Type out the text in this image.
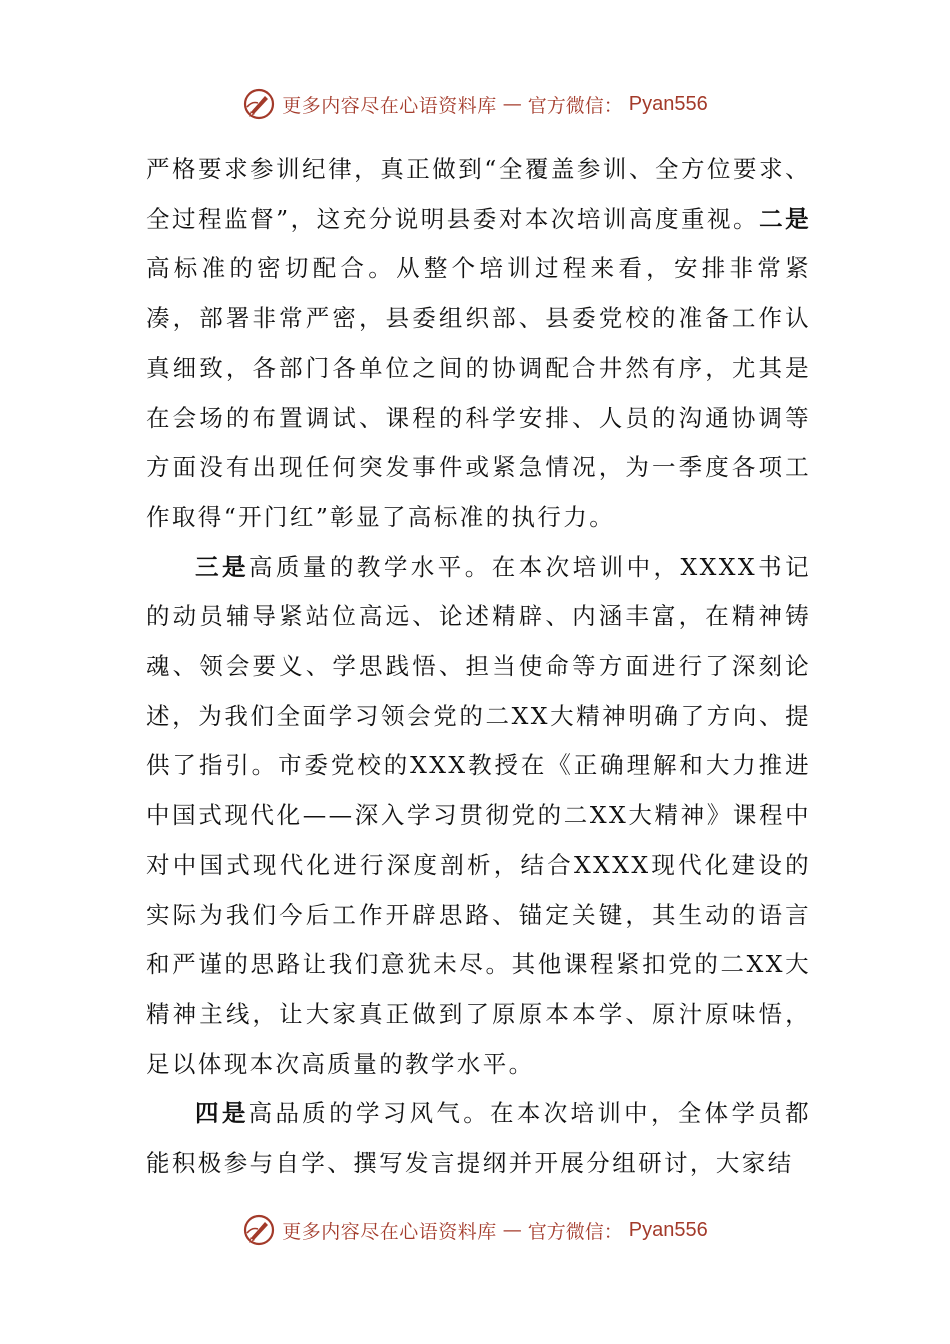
更多内容尽在心语资料库 — 官方微信： Pyan556

严格要求参训纪律，真正做到“全覆盖参训、全方位要求、全过程监督”，这充分说明县委对本次培训高度重视。二是高标准的密切配合。从整个培训过程来看，安排非常紧凑，部署非常严密，县委组织部、县委党校的准备工作认真细致，各部门各单位之间的协调配合井然有序，尤其是在会场的布置调试、课程的科学安排、人员的沟通协调等方面没有出现任何突发事件或紧急情况，为一季度各项工作取得“开门红”彰显了高标准的执行力。

三是高质量的教学水平。在本次培训中，XXXX书记的动员辅导紧站位高远、论述精辟、内涵丰富，在精神铸魂、领会要义、学思践悟、担当使命等方面进行了深刻论述，为我们全面学习领会党的二XX大精神明确了方向、提供了指引。市委党校的XXX教授在《正确理解和大力推进中国式现代化——深入学习贯彻党的二XX大精神》课程中对中国式现代化进行深度剖析，结合XXXX现代化建设的实际为我们今后工作开辟思路、锚定关键，其生动的语言和严谨的思路让我们意犹未尽。其他课程紧扣党的二XX大精神主线，让大家真正做到了原原本本学、原汁原味悟，足以体现本次高质量的教学水平。

四是高品质的学习风气。在本次培训中，全体学员都能积极参与自学、撰写发言提纲并开展分组研讨，大家结

更多内容尽在心语资料库 — 官方微信： Pyan556
